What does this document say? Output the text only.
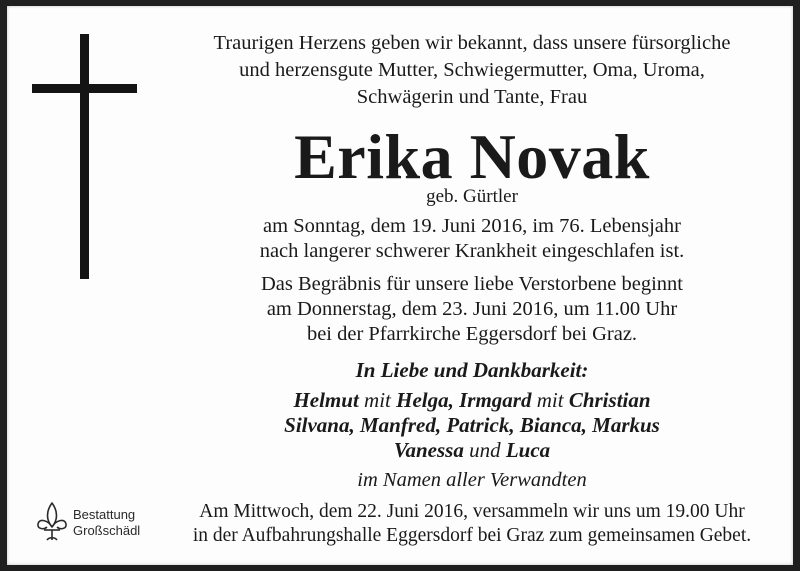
Traurigen Herzens geben wir bekannt, dass unsere fürsorgliche
und herzensgute Mutter, Schwiegermutter, Oma, Uroma,
Schwägerin und Tante, Frau
Erika Novak
geb. Gürtler
am Sonntag, dem 19. Juni 2016, im 76. Lebensjahr
nach langerer schwerer Krankheit eingeschlafen ist.
Das Begräbnis für unsere liebe Verstorbene beginnt
am Donnerstag, dem 23. Juni 2016, um 11.00 Uhr
bei der Pfarrkirche Eggersdorf bei Graz.
In Liebe und Dankbarkeit:
Helmut mit Helga, Irmgard mit Christian
Silvana, Manfred, Patrick, Bianca, Markus
Vanessa und Luca
im Namen aller Verwandten
Am Mittwoch, dem 22. Juni 2016, versammeln wir uns um 19.00 Uhr
in der Aufbahrungshalle Eggersdorf bei Graz zum gemeinsamen Gebet.
Bestattung
Großschädl
